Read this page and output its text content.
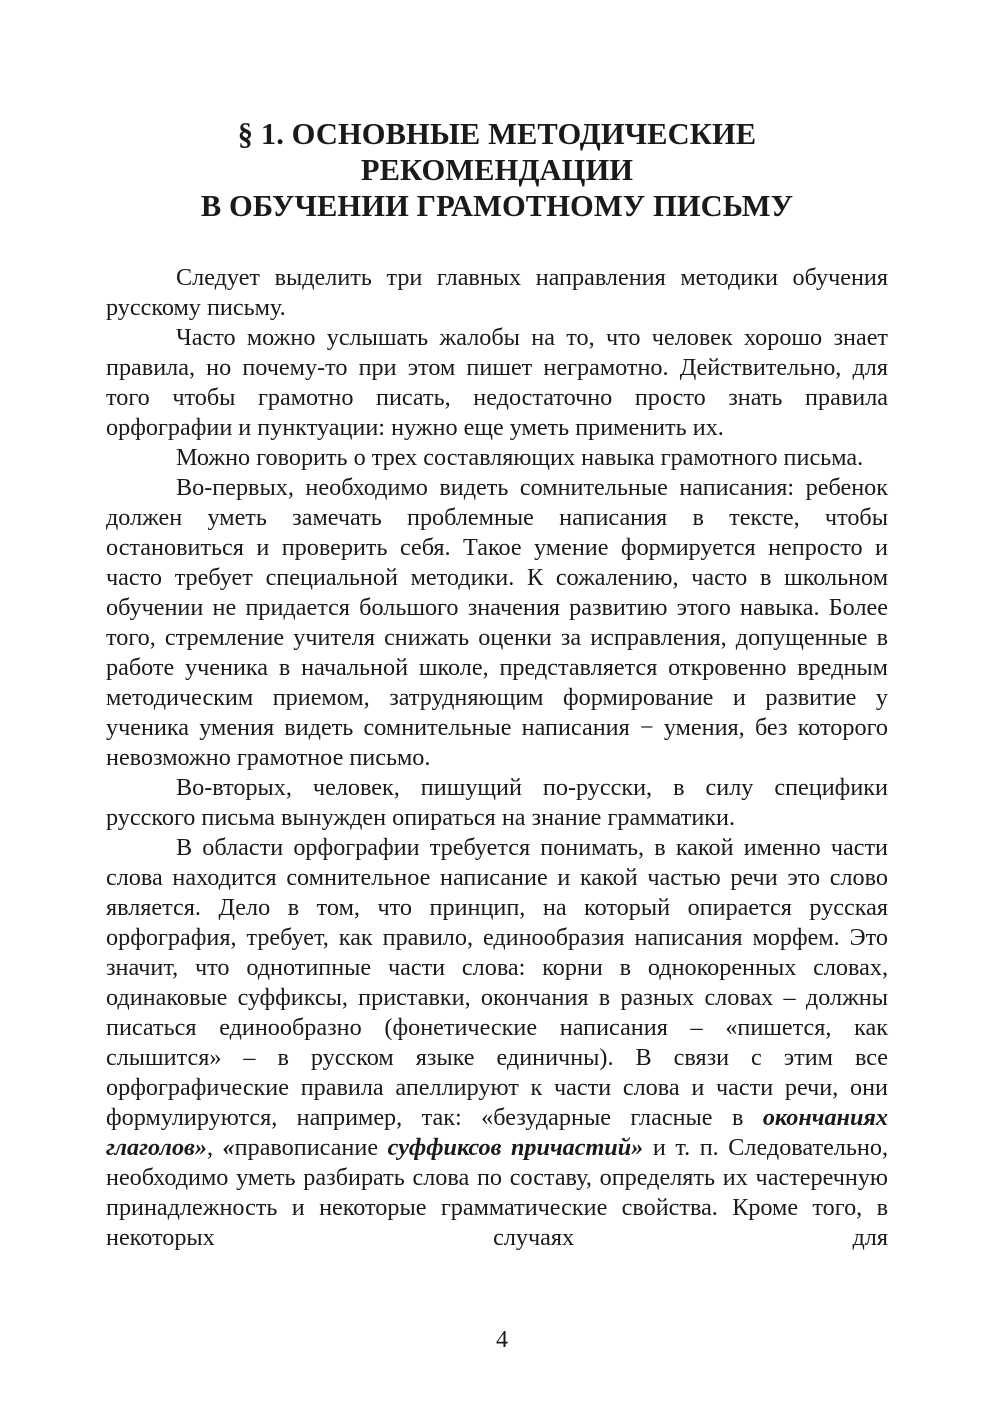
§ 1. ОСНОВНЫЕ МЕТОДИЧЕСКИЕ РЕКОМЕНДАЦИИ
В ОБУЧЕНИИ ГРАМОТНОМУ ПИСЬМУ

Следует выделить три главных направления методики обучения русскому письму.

Часто можно услышать жалобы на то, что человек хорошо знает правила, но почему-то при этом пишет неграмотно. Действительно, для того чтобы грамотно писать, недостаточно просто знать правила орфографии и пунктуации: нужно еще уметь применить их.

Можно говорить о трех составляющих навыка грамотного письма.

Во-первых, необходимо видеть сомнительные написания: ребенок должен уметь замечать проблемные написания в тексте, чтобы остановиться и проверить себя. Такое умение формируется непросто и часто требует специальной методики. К сожалению, часто в школьном обучении не придается большого значения развитию этого навыка. Более того, стремление учителя снижать оценки за исправления, допущенные в работе ученика в начальной школе, представляется откровенно вредным методическим приемом, затрудняющим формирование и развитие у ученика умения видеть сомнительные написания − умения, без которого невозможно грамотное письмо.

Во-вторых, человек, пишущий по-русски, в силу специфики русского письма вынужден опираться на знание грамматики.

В области орфографии требуется понимать, в какой именно части слова находится сомнительное написание и какой частью речи это слово является. Дело в том, что принцип, на который опирается русская орфография, требует, как правило, единообразия написания морфем. Это значит, что однотипные части слова: корни в однокоренных словах, одинаковые суффиксы, приставки, окончания в разных словах – должны писаться единообразно (фонетические написания – «пишется, как слышится» – в русском языке единичны). В связи с этим все орфографические правила апеллируют к части слова и части речи, они формулируются, например, так: «безударные гласные в окончаниях глаголов», «правописание суффиксов причастий» и т. п. Следовательно, необходимо уметь разбирать слова по составу, определять их частеречную принадлежность и некоторые грамматические свойства. Кроме того, в некоторых случаях для

4
